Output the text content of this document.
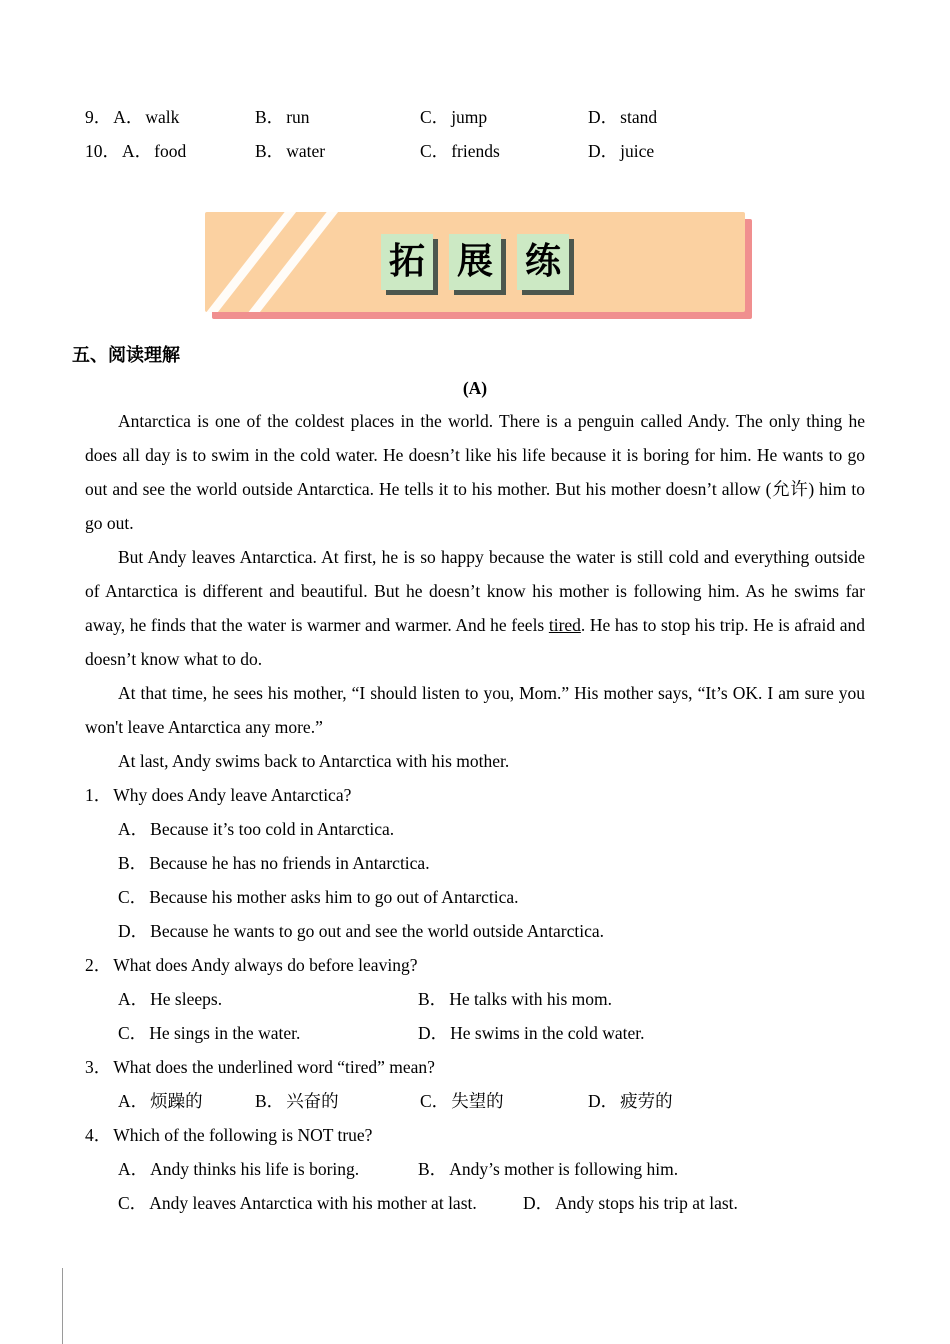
9． A． walk	B． run	C． jump	D． stand
10． A． food	B． water	C． friends	D． juice
拓 展 练
五、阅读理解
(A)

Antarctica is one of the coldest places in the world. There is a penguin called Andy. The only thing he does all day is to swim in the cold water. He doesn’t like his life because it is boring for him. He wants to go out and see the world outside Antarctica. He tells it to his mother. But his mother doesn’t allow (允许) him to go out.

But Andy leaves Antarctica. At first, he is so happy because the water is still cold and everything outside of Antarctica is different and beautiful. But he doesn’t know his mother is following him. As he swims far away, he finds that the water is warmer and warmer. And he feels tired. He has to stop his trip. He is afraid and doesn’t know what to do.

At that time, he sees his mother, “I should listen to you, Mom.” His mother says, “It’s OK. I am sure you won't leave Antarctica any more.”

At last, Andy swims back to Antarctica with his mother.

1． Why does Andy leave Antarctica?
A． Because it’s too cold in Antarctica.
B． Because he has no friends in Antarctica.
C． Because his mother asks him to go out of Antarctica.
D． Because he wants to go out and see the world outside Antarctica.
2． What does Andy always do before leaving?
A． He sleeps.	B． He talks with his mom.
C． He sings in the water.	D． He swims in the cold water.
3． What does the underlined word “tired” mean?
A． 烦躁的	B． 兴奋的	C． 失望的	D． 疲劳的
4． Which of the following is NOT true?
A． Andy thinks his life is boring.	B． Andy’s mother is following him.
C． Andy leaves Antarctica with his mother at last.	D． Andy stops his trip at last.
